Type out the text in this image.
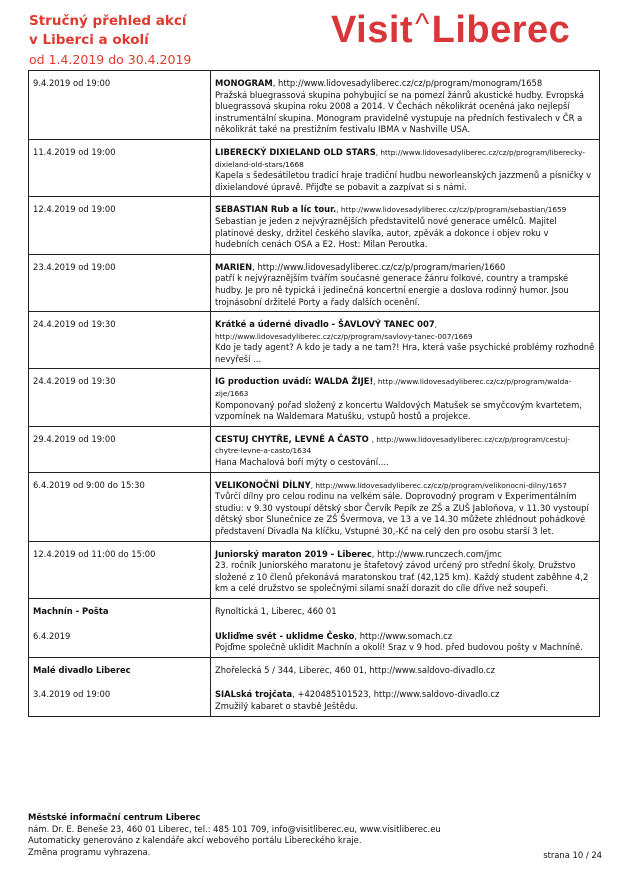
Stručný přehled akcí
v Liberci a okolí
od 1.4.2019 do 30.4.2019
Visit^Liberec
9.4.2019 od 19:00	MONOGRAM, http://www.lidovesadyliberec.cz/cz/p/program/monogram/1658
Pražská bluegrassová skupina pohybující se na pomezí žánrů akustické hudby. Evropská bluegrassová skupina roku 2008 a 2014. V Čechách několikrát oceněná jako nejlepší instrumentální skupina. Monogram pravidelně vystupuje na předních festivalech v ČR a několikrát také na prestižním festivalu IBMA v Nashville USA.
11.4.2019 od 19:00	LIBERECKÝ DIXIELAND OLD STARS, http://www.lidovesadyliberec.cz/cz/p/program/liberecky-dixieland-old-stars/1668
Kapela s šedesátiletou tradicí hraje tradiční hudbu neworleanských jazzmenů a písničky v dixielandové úpravě. Přijďte se pobavit a zazpívat si s námi.
12.4.2019 od 19:00	SEBASTIAN Rub a líc tour., http://www.lidovesadyliberec.cz/cz/p/program/sebastian/1659
Sebastian je jeden z nejvýraznějších představitelů nové generace umělců. Majitel platinové desky, držitel českého slavíka, autor, zpěvák a dokonce i objev roku v hudebních cenách OSA a E2. Host: Milan Peroutka.
23.4.2019 od 19:00	MARIEN, http://www.lidovesadyliberec.cz/cz/p/program/marien/1660
patří k nejvýraznějším tvářím současné generace žánru folkové, country a trampské hudby. Je pro ně typická i jedinečná koncertní energie a doslova rodinný humor. Jsou trojnásobní držitelé Porty a řady dalších ocenění.
24.4.2019 od 19:30	Krátké a úderné divadlo - ŠAVLOVÝ TANEC 007, http://www.lidovesadyliberec.cz/cz/p/program/savlovy-tanec-007/1669
Kdo je tady agent? A kdo je tady a ne tam?! Hra, která vaše psychické problémy rozhodně nevyřeší ...
24.4.2019 od 19:30	IG production uvádí: WALDA ŽIJE!, http://www.lidovesadyliberec.cz/cz/p/program/walda-zije/1663
Komponovaný pořad složený z koncertu Waldových Matušek se smyčcovým kvartetem, vzpomínek na Waldemara Matušku, vstupů hostů a projekce.
29.4.2019 od 19:00	CESTUJ CHYTŘE, LEVNĚ A ČASTO , http://www.lidovesadyliberec.cz/cz/p/program/cestuj-chytre-levne-a-casto/1634
Hana Machalová boří mýty o cestování....
6.4.2019 od 9:00 do 15:30	VELIKONOČNÍ DÍLNY, http://www.lidovesadyliberec.cz/cz/p/program/velikonocni-dilny/1657
Tvůrčí dílny pro celou rodinu na velkém sále. Doprovodný program v Experimentálním studiu: v 9.30 vystoupí dětský sbor Červík Pepík ze ZŠ a ZUŠ Jabloňova, v 11.30 vystoupí dětský sbor Slunečnice ze ZŠ Švermova, ve 13 a ve 14.30 můžete zhlédnout pohádkové představení Divadla Na klíčku, Vstupné 30,-Kč na celý den pro osobu starší 3 let.
12.4.2019 od 11:00 do 15:00	Juniorský maraton 2019 - Liberec, http://www.runczech.com/jmc
23. ročník Juniorského maratonu je štafetový závod určený pro střední školy. Družstvo složené z 10 členů překonává maratonskou trať (42,125 km). Každý student zaběhne 4,2 km a celé družstvo se společnými silami snaží dorazit do cíle dříve než soupeři.
Machnín - Pošta	Rynoltická 1, Liberec, 460 01
6.4.2019	Ukliďme svět - uklidme Česko, http://www.somach.cz
Pojďme společně uklidit Machnín a okolí! Sraz v 9 hod. před budovou pošty v Machníně.
Malé divadlo Liberec	Zhořelecká 5 / 344, Liberec, 460 01, http://www.saldovo-divadlo.cz
3.4.2019 od 19:00	SIALská trojčata, +420485101523, http://www.saldovo-divadlo.cz
Zmužilý kabaret o stavbě Ještědu.
Městské informační centrum Liberec
nám. Dr. E. Beneše 23, 460 01 Liberec, tel.: 485 101 709, info@visitliberec.eu, www.visitliberec.eu
Automaticky generováno z kalendáře akcí webového portálu Libereckého kraje.
Změna programu vyhrazena.	strana 10 / 24
